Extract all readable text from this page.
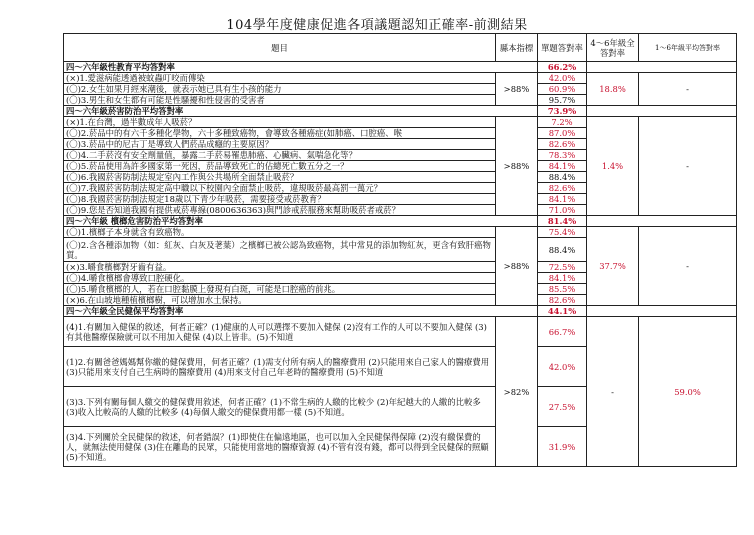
104學年度健康促進各項議題認知正確率-前測結果
題目	縣本指標	單題答對率	4～6年級全答對率	1～6年級平均答對率
四～六年級性教育平均答對率		66.2%		
(×)1.愛滋病能透過被蚊蟲叮咬而傳染	>88%	42.0%	18.8%	-
(〇)2.女生如果月經來潮後，就表示她已具有生小孩的能力		60.9%		
(〇)3.男生和女生都有可能是性騷擾和性侵害的受害者		95.7%		
四～六年級菸害防治平均答對率		73.9%		
(×)1.在台灣，過半數成年人吸菸？	>88%	7.2%	1.4%	-
(〇)2.菸品中的有六千多種化學物，六十多種致癌物，會導致各種癌症(如肺癌、口腔癌、喉		87.0%		
(〇)3.菸品中的尼古丁是導致人們菸品成癮的主要原因？		82.6%		
(〇)4.二手菸沒有安全劑量值，暴露二手菸易罹患肺癌、心臟病、氣喘急化等？		78.3%		
(〇)5.菸品使用為許多國家第一死因，菸品導致死亡的佔總死亡數五分之一？		84.1%		
(〇)6.我國菸害防制法規定室內工作與公共場所全面禁止吸菸？		88.4%		
(〇)7.我國菸害防制法規定高中職以下校園內全面禁止吸菸，違規吸菸最高罰一萬元？		82.6%		
(〇)8.我國菸害防制法規定18歲以下青少年吸菸，需要接受戒菸教育？		84.1%		
(〇)9.您是否知道我國有提供戒菸專線(0800636363)與門診戒菸服務來幫助吸菸者戒菸？		71.0%		
四～六年級 檳榔危害防治平均答對率		81.4%		
(〇)1.檳榔子本身就含有致癌物。	>88%	75.4%	37.7%	-
(〇)2.含各種添加物（如：紅灰、白灰及荖葉）之檳榔已被公認為致癌物，其中常見的添加物紅灰，更含有致肝癌物質。		88.4%		
(×)3.嚼食檳榔對牙齒有益。		72.5%		
(〇)4.嚼食檳榔會導致口腔硬化。		84.1%		
(〇)5.嚼食檳榔的人，若在口腔黏膜上發現有白斑，可能是口腔癌的前兆。		85.5%		
(×)6.在山坡地種植檳榔樹，可以增加水土保持。		82.6%		
四～六年級全民健保平均答對率		44.1%		
(4)1.有關加入健保的敘述，何者正確？(1)健康的人可以選擇不要加入健保 (2)沒有工作的人可以不要加入健保 (3)有其他醫療保險就可以不用加入健保 (4)以上皆非。(5)不知道	>82%	66.7%	-	59.0%
(1)2.有關爸爸媽媽幫你繳的健保費用，何者正確？(1)需支付所有病人的醫療費用 (2)只能用來自己家人的醫療費用 (3)只能用來支付自己生病時的醫療費用 (4)用來支付自己年老時的醫療費用 (5)不知道		42.0%		
(3)3.下列有關每個人繳交的健保費用敘述，何者正確？(1)不常生病的人繳的比較少 (2)年紀越大的人繳的比較多 (3)收入比較高的人繳的比較多 (4)每個人繳交的健保費用都一樣 (5)不知道。		27.5%		
(3)4.下列關於全民健保的敘述，何者錯誤？(1)即使住在偏遠地區，也可以加入全民健保得保障 (2)沒有繳保費的人，就無法使用健保 (3)住在離島的民眾，只能使用當地的醫療資源 (4)不管有沒有錢，都可以得到全民健保的照顧 (5)不知道。		31.9%		
